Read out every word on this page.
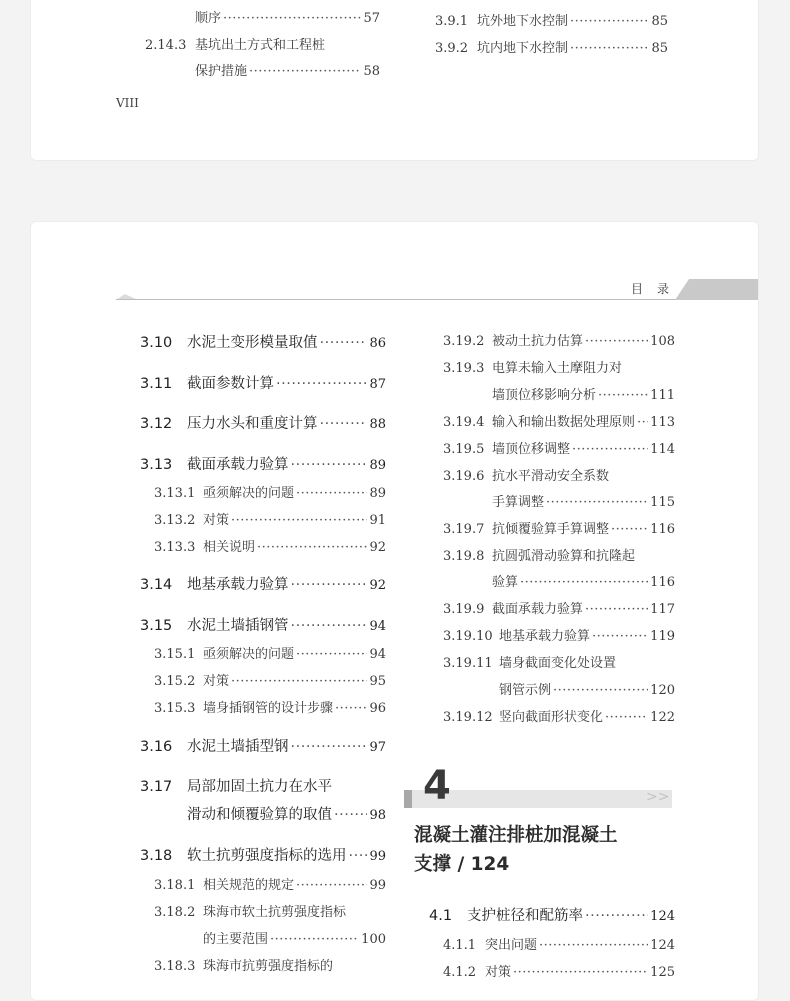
顺序 ·····	57
2.14.3 基坑出土方式和工程桩
保护措施 ·····	58
3.9.1 坑外地下水控制 ·····	85
3.9.2 坑内地下水控制 ·····	85
VIII
目录
3.10	水泥土变形模量取值 ·····	86
3.11	截面参数计算 ·····	87
3.12	压力水头和重度计算 ·····	88
3.13	截面承载力验算 ·····	89
3.13.1 亟须解决的问题 ·····	89
3.13.2 对策 ·····	91
3.13.3 相关说明 ·····	92
3.14	地基承载力验算 ·····	92
3.15	水泥土墙插钢管 ·····	94
3.15.1 亟须解决的问题 ·····	94
3.15.2 对策 ·····	95
3.15.3 墙身插钢管的设计步骤 ·····	96
3.16	水泥土墙插型钢 ·····	97
3.17	局部加固土抗力在水平
滑动和倾覆验算的取值 ·····	98
3.18	软土抗剪强度指标的选用 ····· 99
3.18.1 相关规范的规定 ·····	99
3.18.2 珠海市软土抗剪强度指标
的主要范围 ·····	100
3.18.3 珠海市抗剪强度指标的
3.19.2 被动土抗力估算 ·····	108
3.19.3 电算未输入土摩阻力对
墙顶位移影响分析 ·····	111
3.19.4 输入和输出数据处理原则 ····· 113
3.19.5 墙顶位移调整 ·····	114
3.19.6 抗水平滑动安全系数
手算调整 ·····	115
3.19.7 抗倾覆验算手算调整 ·····	116
3.19.8 抗圆弧滑动验算和抗隆起
验算 ·····	116
3.19.9 截面承载力验算 ·····	117
3.19.10 地基承载力验算 ·····	119
3.19.11 墙身截面变化处设置
钢管示例 ·····	120
3.19.12 竖向截面形状变化 ·····	122
4	>>
混凝土灌注排桩加混凝土
支撑 / 124
4.1	支护桩径和配筋率 ·····	124
4.1.1 突出问题 ·····	124
4.1.2 对策 ·····	125
